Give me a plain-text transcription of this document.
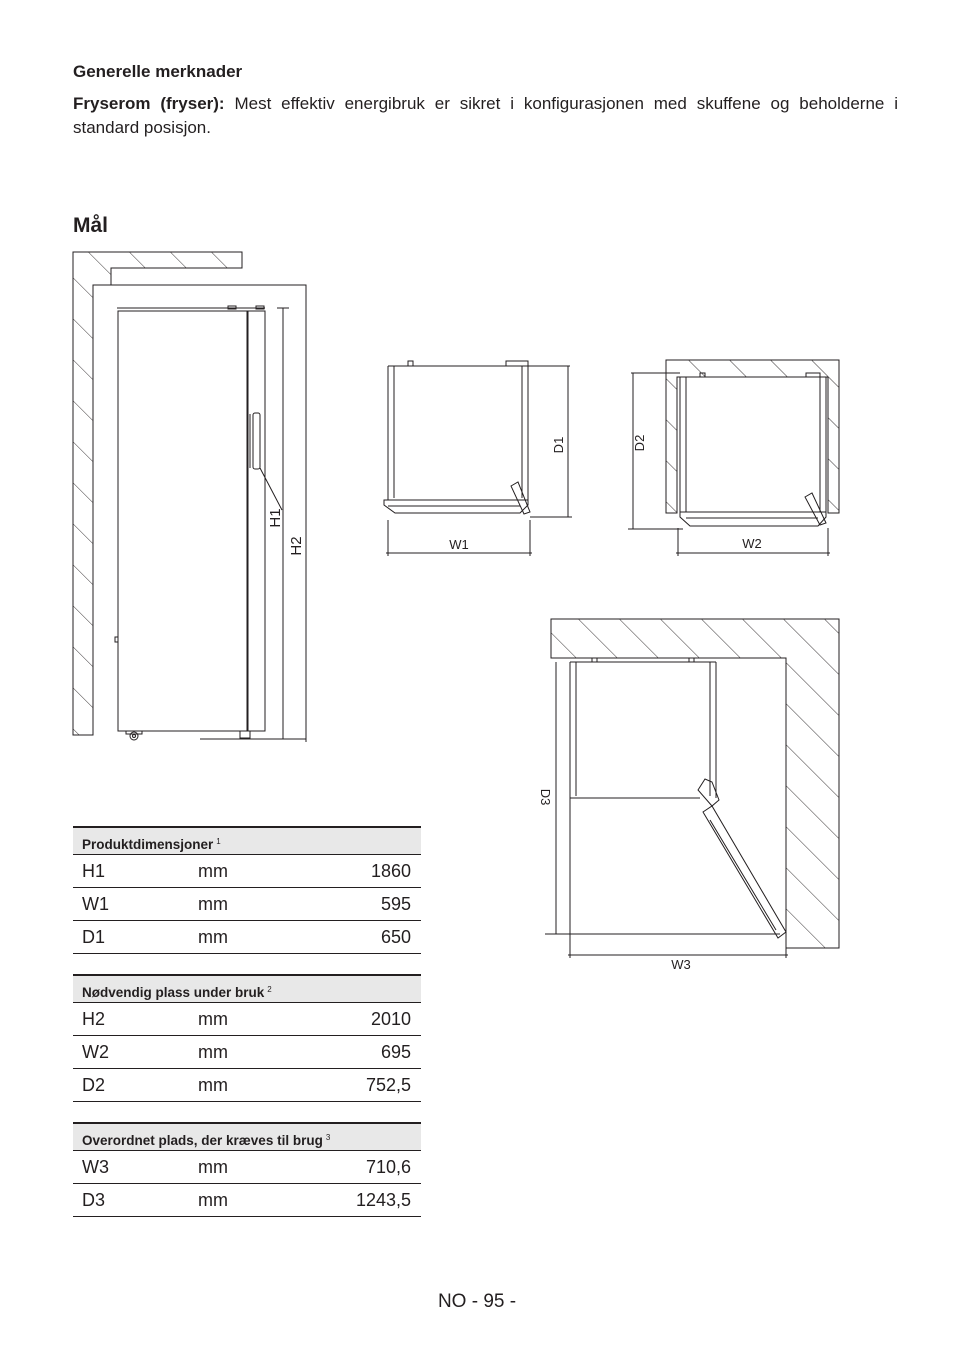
Generelle merknader
Fryserom (fryser): Mest effektiv energibruk er sikret i konfigurasjonen med skuffene og beholderne i standard posisjon.
Mål
H1
H2	W1
D1
W2
D2
W3
D3
Produktdimensjoner $^1$
H1	mm	1860
W1	mm	595
D1	mm	650
Nødvendig plass under bruk $^2$
H2	mm	2010
W2	mm	695
D2	mm	752,5
Overordnet plads, der kræves til brug $^3$
W3	mm	710,6
D3	mm	1243,5
NO - 95 -
